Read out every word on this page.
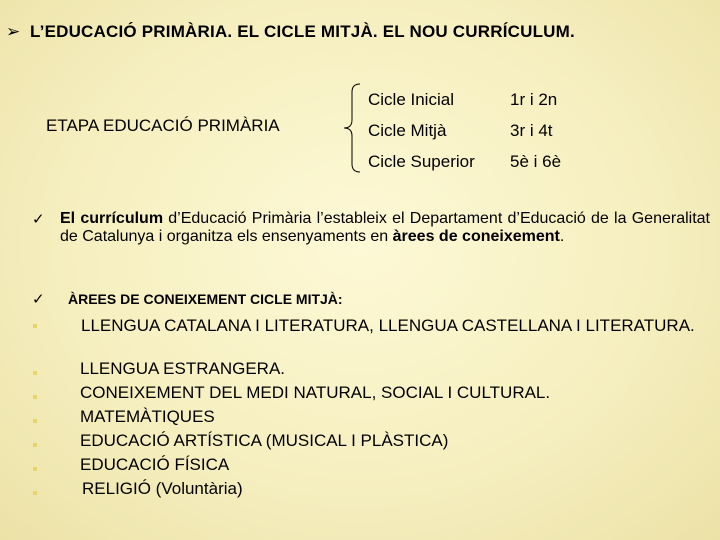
➢ L’EDUCACIÓ PRIMÀRIA. EL CICLE MITJÀ. EL NOU CURRÍCULUM.
ETAPA EDUCACIÓ PRIMÀRIA
Cicle Inicial	1r i 2n
Cicle Mitjà	3r i 4t
Cicle Superior	5è i 6è
✓ El currículum d’Educació Primària l’estableix el Departament d’Educació de la Generalitat de Catalunya i organitza els ensenyaments en àrees de coneixement.
✓ ÀREES DE CONEIXEMENT CICLE MITJÀ:
LLENGUA CATALANA I LITERATURA, LLENGUA CASTELLANA I LITERATURA.
LLENGUA ESTRANGERA.
CONEIXEMENT DEL MEDI NATURAL, SOCIAL I CULTURAL.
MATEMÀTIQUES
EDUCACIÓ ARTÍSTICA (MUSICAL I PLÀSTICA)
EDUCACIÓ FÍSICA
RELIGIÓ (Voluntària)
